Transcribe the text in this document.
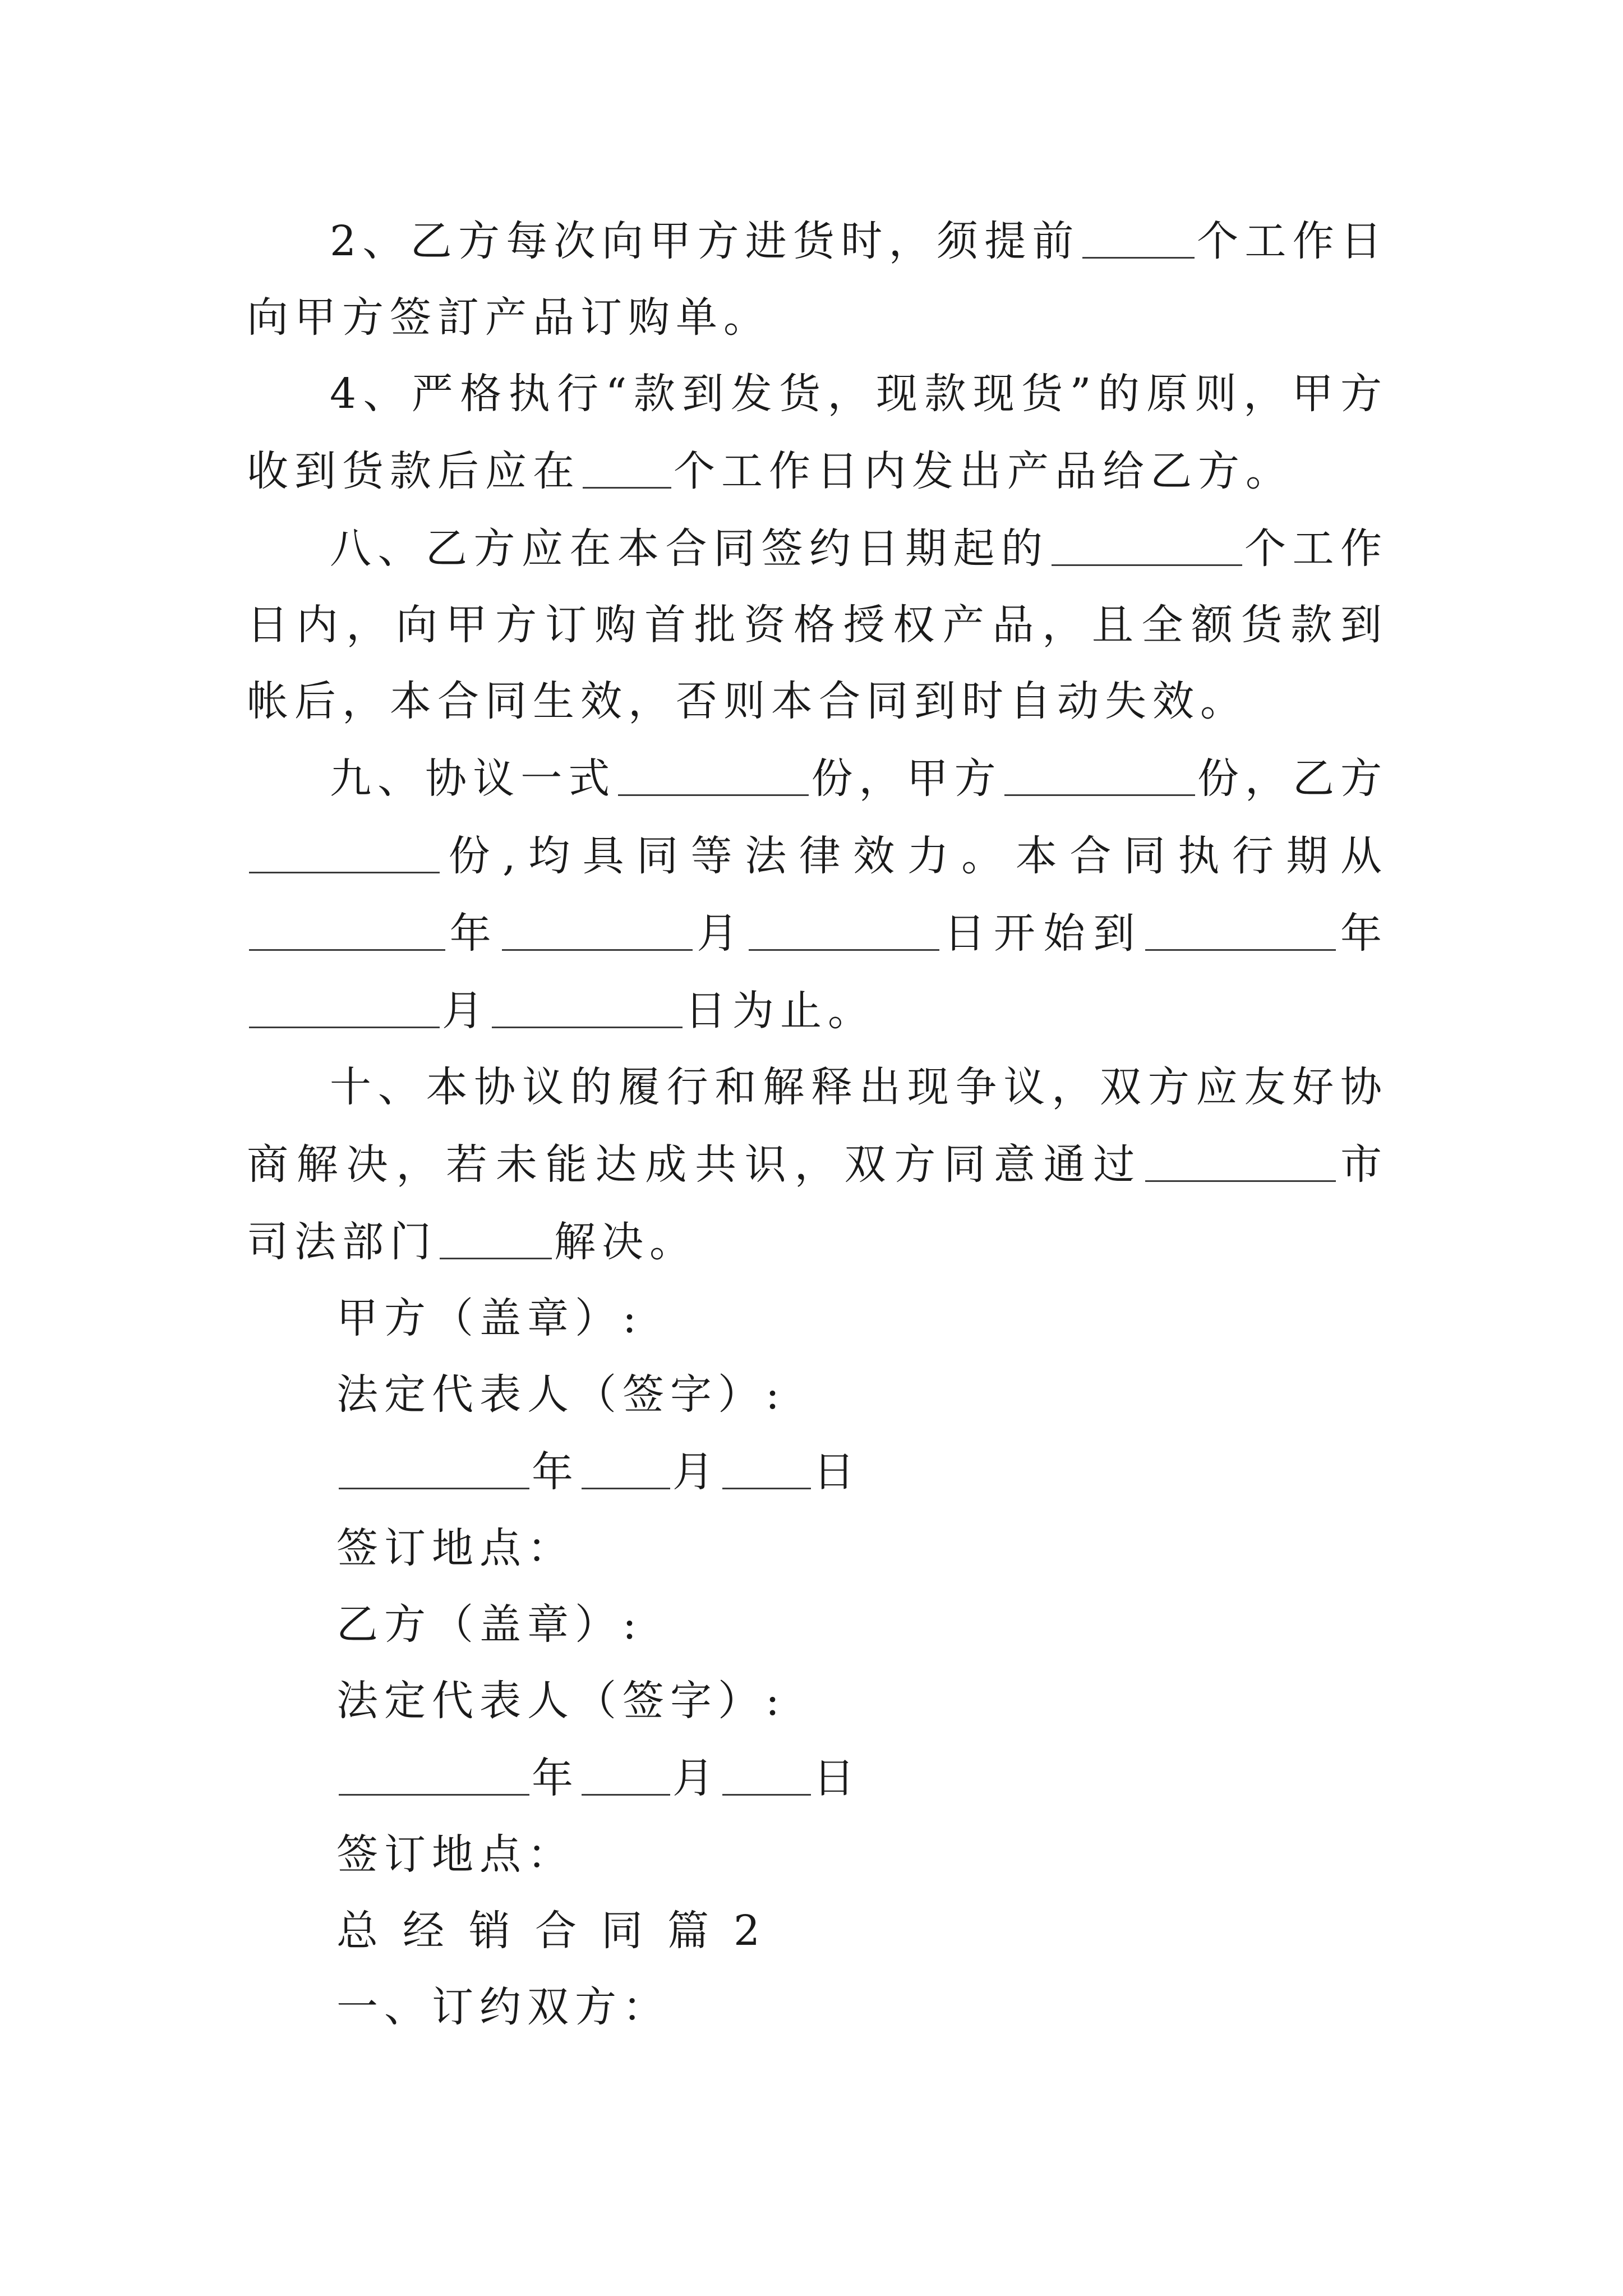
2、乙方每次向甲方进货时，须提前	个工作日向甲方签訂产品订购单。

4、严格执行“款到发货，现款现货”的原则，甲方收到货款后应在 个工作日内发出产品给乙方。

八、乙方应在本合同签约日期起的	个工作日内，向甲方订购首批资格授权产品，且全额货款到帐后，本合同生效，否则本合同到时自动失效。

九、协议一式	份，甲方	份，乙方份,均具同等法律效力。本合同执行期从年	月	日开始到	年月	日为止。

十、本协议的履行和解释出现争议，双方应友好协商解决，若未能达成共识，双方同意通过	市司法部门	解决。

甲方（盖章）:

法定代表人（签字）:

年 月 日

签订地点：

乙方（盖章）:

法定代表人（签字）:

年 月 日

签订地点：

总经销合同篇2

一、订约双方：
